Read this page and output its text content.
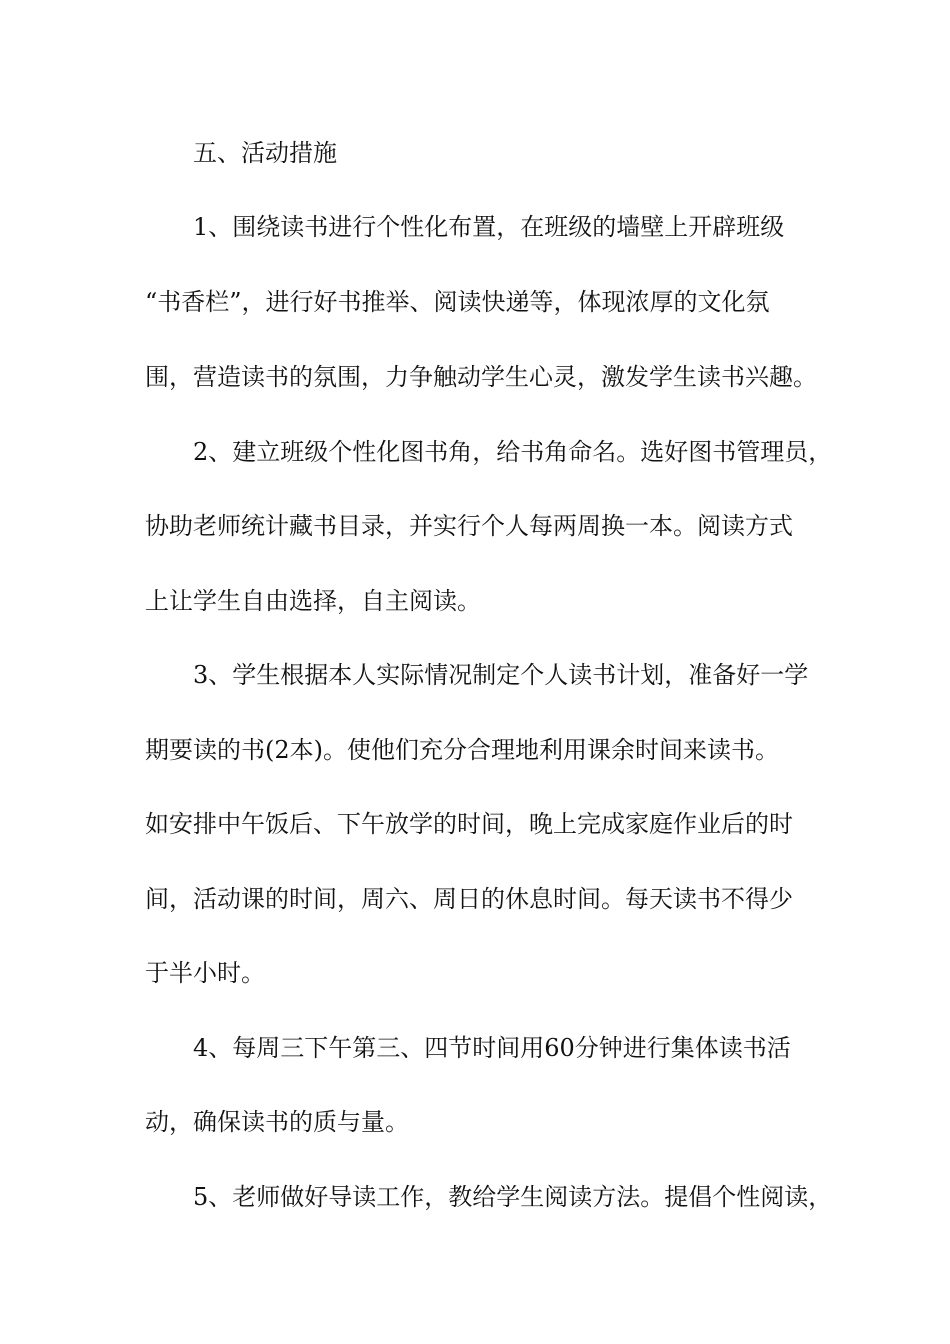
五、活动措施
1、围绕读书进行个性化布置，在班级的墙壁上开辟班级
“书香栏”，进行好书推举、阅读快递等，体现浓厚的文化氛
围，营造读书的氛围，力争触动学生心灵，激发学生读书兴趣。
2、建立班级个性化图书角，给书角命名。选好图书管理员，
协助老师统计藏书目录，并实行个人每两周换一本。阅读方式
上让学生自由选择，自主阅读。
3、学生根据本人实际情况制定个人读书计划，准备好一学
期要读的书(2本)。使他们充分合理地利用课余时间来读书。
如安排中午饭后、下午放学的时间，晚上完成家庭作业后的时
间，活动课的时间，周六、周日的休息时间。每天读书不得少
于半小时。
4、每周三下午第三、四节时间用60分钟进行集体读书活
动，确保读书的质与量。
5、老师做好导读工作，教给学生阅读方法。提倡个性阅读，
